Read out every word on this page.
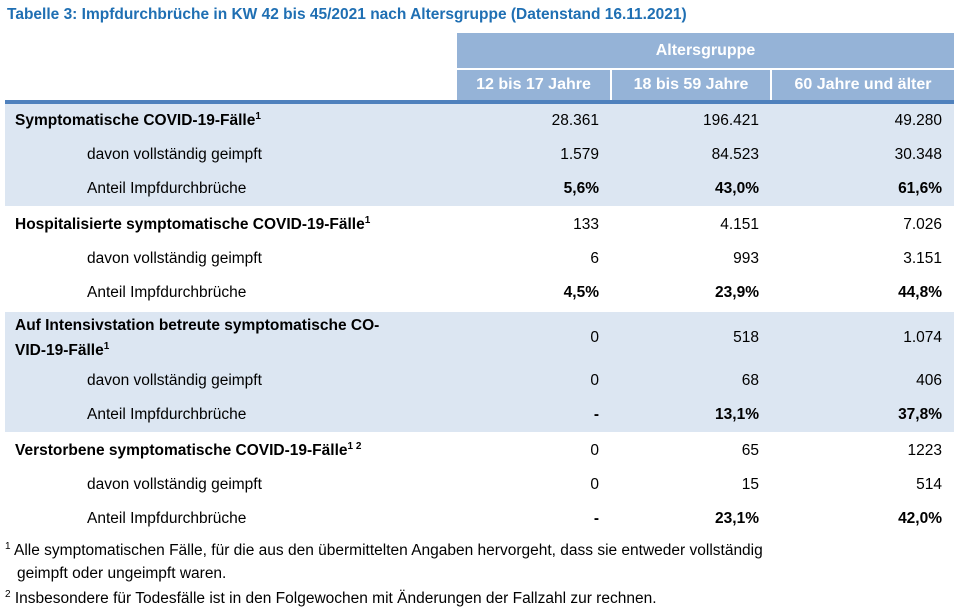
Tabelle 3: Impfdurchbrüche in KW 42 bis 45/2021 nach Altersgruppe (Datenstand 16.11.2021)
	Altersgruppe		
	12 bis 17 Jahre	18 bis 59 Jahre	60 Jahre und älter
Symptomatische COVID-19-Fälle$^1$	28.361	196.421	49.280
davon vollständig geimpft	1.579	84.523	30.348
Anteil Impfdurchbrüche	5,6%	43,0%	61,6%
Hospitalisierte symptomatische COVID-19-Fälle$^1$	133	4.151	7.026
davon vollständig geimpft	6	993	3.151
Anteil Impfdurchbrüche	4,5%	23,9%	44,8%
Auf Intensivstation betreute symptomatische CO-
VID-19-Fälle$^1$	0	518	1.074
davon vollständig geimpft	0	68	406
Anteil Impfdurchbrüche	-	13,1%	37,8%
Verstorbene symptomatische COVID-19-Fälle$^{1 2}$	0	65	1223
davon vollständig geimpft	0	15	514
Anteil Impfdurchbrüche	-	23,1%	42,0%
$^1$ Alle symptomatischen Fälle, für die aus den übermittelten Angaben hervorgeht, dass sie entweder vollständig
geimpft oder ungeimpft waren.
$^2$ Insbesondere für Todesfälle ist in den Folgewochen mit Änderungen der Fallzahl zur rechnen.
